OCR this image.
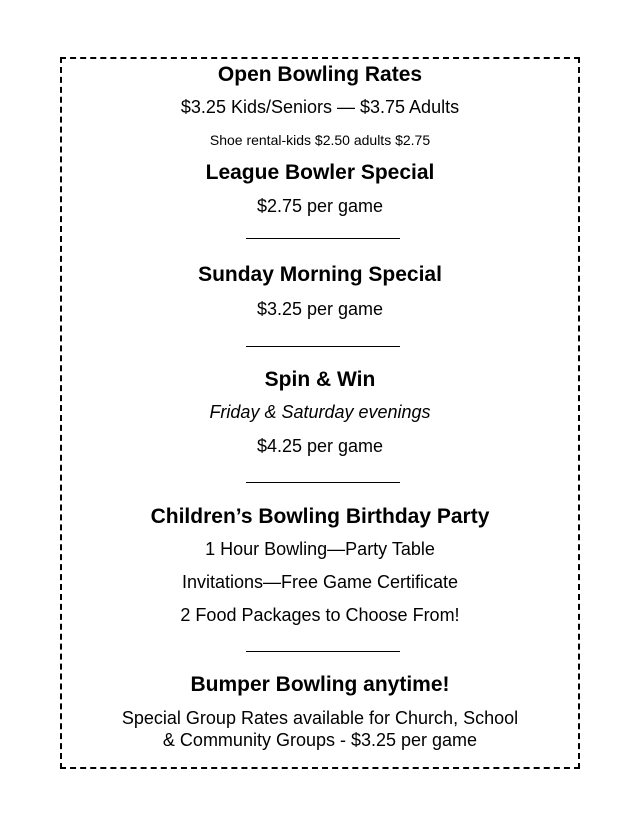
Open Bowling Rates
$3.25 Kids/Seniors — $3.75 Adults
Shoe rental-kids $2.50 adults $2.75
League Bowler Special
$2.75 per game
Sunday Morning Special
$3.25 per game
Spin & Win
Friday & Saturday evenings
$4.25 per game
Children’s Bowling Birthday Party
1 Hour Bowling—Party Table
Invitations—Free Game Certificate
2 Food Packages to Choose From!
Bumper Bowling anytime!
Special Group Rates available for Church, School
& Community Groups - $3.25 per game
